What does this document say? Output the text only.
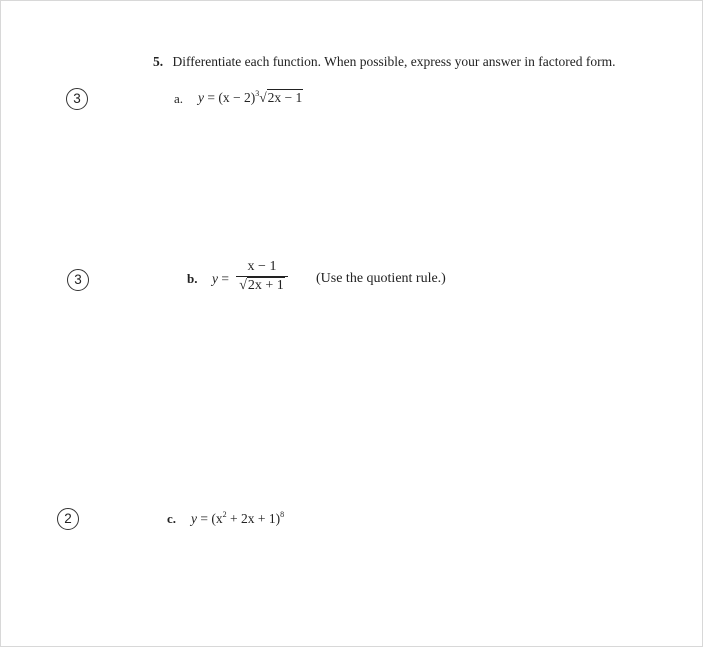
5. Differentiate each function. When possible, express your answer in factored form.
3	a. $y = (x - 2)^3√2x - 1$
3	b. y =
x − 1
√2x + 1	(Use the quotient rule.)
2	c. $y = (x^2 + 2x + 1)^8$
